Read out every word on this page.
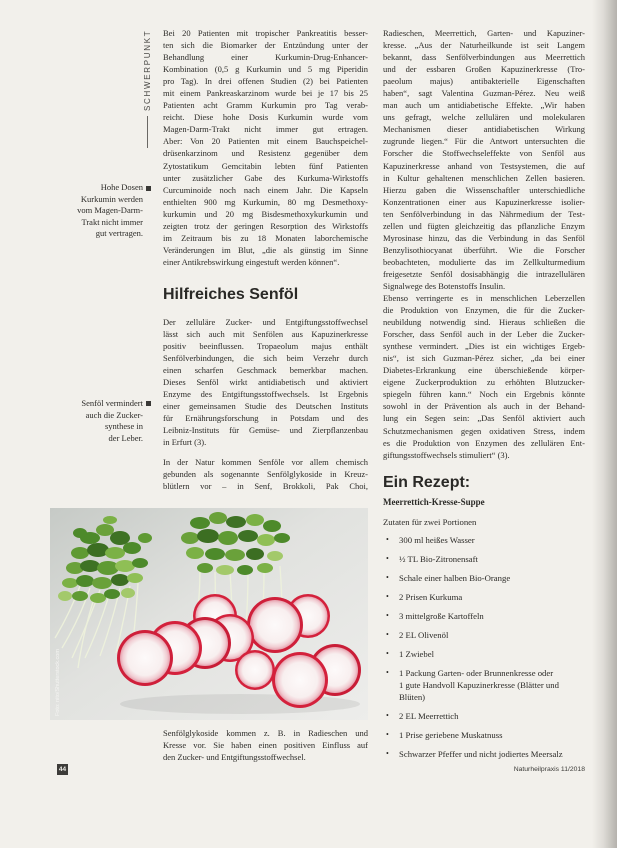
SCHWERPUNKT
Hohe Dosen
Kurkumin werden
vom Magen-Darm-
Trakt nicht immer
gut vertragen.
Senföl vermindert
auch die Zucker-
synthese in
der Leber.
Bei 20 Patienten mit tropischer Pankreatitis besser-
ten sich die Biomarker der Entzündung unter der
Behandlung einer Kurkumin-Drug-Enhancer-
Kombination (0,5 g Kurkumin und 5 mg Piperidin
pro Tag). In drei offenen Studien (2) bei Patienten
mit einem Pankreaskarzinom wurde bei je 17 bis 25
Patienten acht Gramm Kurkumin pro Tag verab-
reicht. Diese hohe Dosis Kurkumin wurde vom
Magen-Darm-Trakt nicht immer gut ertragen.
Aber: Von 20 Patienten mit einem Bauchspeichel-
drüsenkarzinom und Resistenz gegenüber dem
Zytostatikum Gemcitabin lebten fünf Patienten
unter zusätzlicher Gabe des Kurkuma-Wirkstoffs
Curcuminoide noch nach einem Jahr. Die Kapseln
enthielten 900 mg Kurkumin, 80 mg Desmethoxy-
kurkumin und 20 mg Bisdesmethoxykurkumin und
zeigten trotz der geringen Resorption des Wirkstoffs
im Zeitraum bis zu 18 Monaten laborchemische
Veränderungen im Blut, „die als günstig im Sinne
einer Antikrebswirkung eingestuft werden können“.
Hilfreiches Senföl
Der zelluläre Zucker- und Entgiftungsstoffwechsel
lässt sich auch mit Senfölen aus Kapuzinerkresse
positiv beeinflussen. Tropaeolum majus enthält
Senfölverbindungen, die sich beim Verzehr durch
einen scharfen Geschmack bemerkbar machen.
Dieses Senföl wirkt antidiabetisch und aktiviert
Enzyme des Entgiftungsstoffwechsels. Ist Ergebnis
einer gemeinsamen Studie des Deutschen Instituts
für Ernährungsforschung in Potsdam und des
Leibniz-Instituts für Gemüse- und Zierpflanzenbau
in Erfurt (3).
In der Natur kommen Senföle vor allem chemisch
gebunden als sogenannte Senfölglykoside in Kreuz-
blütlern vor – in Senf, Brokkoli, Pak Choi,
Foto: nito/Shutterstock.com
Senfölglykoside kommen z. B. in Radieschen und
Kresse vor. Sie haben einen positiven Einfluss auf
den Zucker- und Entgiftungsstoffwechsel.
Radieschen, Meerrettich, Garten- und Kapuziner-
kresse. „Aus der Naturheilkunde ist seit Langem
bekannt, dass Senfölverbindungen aus Meerrettich
und der essbaren Großen Kapuzinerkresse (Tro-
paeolum majus) antibakterielle Eigenschaften
haben“, sagt Valentina Guzman-Pérez. Neu weiß
man auch um antidiabetische Effekte. „Wir haben
uns gefragt, welche zellulären und molekularen
Mechanismen dieser antidiabetischen Wirkung
zugrunde liegen.“ Für die Antwort untersuchten die
Forscher die Stoffwechseleffekte von Senföl aus
Kapuzinerkresse anhand von Testsystemen, die auf
in Kultur gehaltenen menschlichen Zellen basieren.
Hierzu gaben die Wissenschaftler unterschiedliche
Konzentrationen einer aus Kapuzinerkresse isolier-
ten Senfölverbindung in das Nährmedium der Test-
zellen und fügten gleichzeitig das pflanzliche Enzym
Myrosinase hinzu, das die Verbindung in das Senföl
Benzylisothiocyanat überführt. Wie die Forscher
beobachteten, modulierte das im Zellkulturmedium
freigesetzte Senföl dosisabhängig die intrazellulären
Signalwege des Botenstoffs Insulin.
Ebenso verringerte es in menschlichen Leberzellen
die Produktion von Enzymen, die für die Zucker-
neubildung notwendig sind. Hieraus schließen die
Forscher, dass Senföl auch in der Leber die Zucker-
synthese vermindert. „Dies ist ein wichtiges Ergeb-
nis“, ist sich Guzman-Pérez sicher, „da bei einer
Diabetes-Erkrankung eine überschießende körper-
eigene Zuckerproduktion zu erhöhten Blutzucker-
spiegeln führen kann.“ Noch ein Ergebnis könnte
sowohl in der Prävention als auch in der Behand-
lung ein Segen sein: „Das Senföl aktiviert auch
Schutzmechanismen gegen oxidativen Stress, indem
es die Produktion von Enzymen des zellulären Ent-
giftungsstoffwechsels stimuliert“ (3).
Ein Rezept:
Meerrettich-Kresse-Suppe
Zutaten für zwei Portionen
•	300 ml heißes Wasser
•	½ TL Bio-Zitronensaft
•	Schale einer halben Bio-Orange
•	2 Prisen Kurkuma
•	3 mittelgroße Kartoffeln
•	2 EL Olivenöl
•	1 Zwiebel
•	1 Packung Garten- oder Brunnenkresse oder
1 gute Handvoll Kapuzinerkresse (Blätter und
Blüten)
•	2 EL Meerrettich
•	1 Prise geriebene Muskatnuss
•	Schwarzer Pfeffer und nicht jodiertes Meersalz
44	Naturheilpraxis 11/2018
